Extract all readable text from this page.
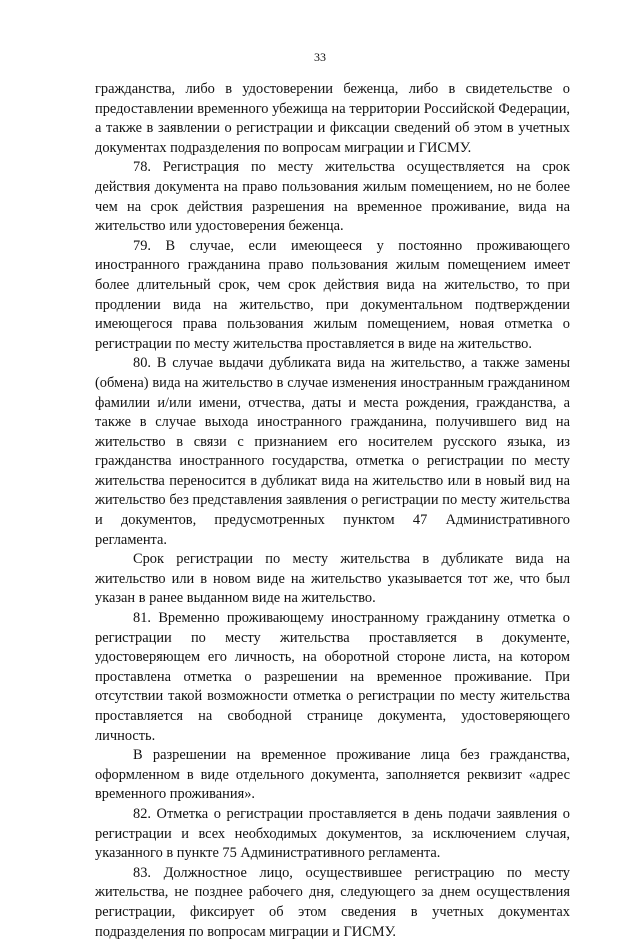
33

гражданства, либо в удостоверении беженца, либо в свидетельстве о предоставлении временного убежища на территории Российской Федерации, а также в заявлении о регистрации и фиксации сведений об этом в учетных документах подразделения по вопросам миграции и ГИСМУ.

78. Регистрация по месту жительства осуществляется на срок действия документа на право пользования жилым помещением, но не более чем на срок действия разрешения на временное проживание, вида на жительство или удостоверения беженца.

79. В случае, если имеющееся у постоянно проживающего иностранного гражданина право пользования жилым помещением имеет более длительный срок, чем срок действия вида на жительство, то при продлении вида на жительство, при документальном подтверждении имеющегося права пользования жилым помещением, новая отметка о регистрации по месту жительства проставляется в виде на жительство.

80. В случае выдачи дубликата вида на жительство, а также замены (обмена) вида на жительство в случае изменения иностранным гражданином фамилии и/или имени, отчества, даты и места рождения, гражданства, а также в случае выхода иностранного гражданина, получившего вид на жительство в связи с признанием его носителем русского языка, из гражданства иностранного государства, отметка о регистрации по месту жительства переносится в дубликат вида на жительство или в новый вид на жительство без представления заявления о регистрации по месту жительства и документов, предусмотренных пунктом 47 Административного регламента.

Срок регистрации по месту жительства в дубликате вида на жительство или в новом виде на жительство указывается тот же, что был указан в ранее выданном виде на жительство.

81. Временно проживающему иностранному гражданину отметка о регистрации по месту жительства проставляется в документе, удостоверяющем его личность, на оборотной стороне листа, на котором проставлена отметка о разрешении на временное проживание. При отсутствии такой возможности отметка о регистрации по месту жительства проставляется на свободной странице документа, удостоверяющего личность.

В разрешении на временное проживание лица без гражданства, оформленном в виде отдельного документа, заполняется реквизит «адрес временного проживания».

82. Отметка о регистрации проставляется в день подачи заявления о регистрации и всех необходимых документов, за исключением случая, указанного в пункте 75 Административного регламента.

83. Должностное лицо, осуществившее регистрацию по месту жительства, не позднее рабочего дня, следующего за днем осуществления регистрации, фиксирует об этом сведения в учетных документах подразделения по вопросам миграции и ГИСМУ.
